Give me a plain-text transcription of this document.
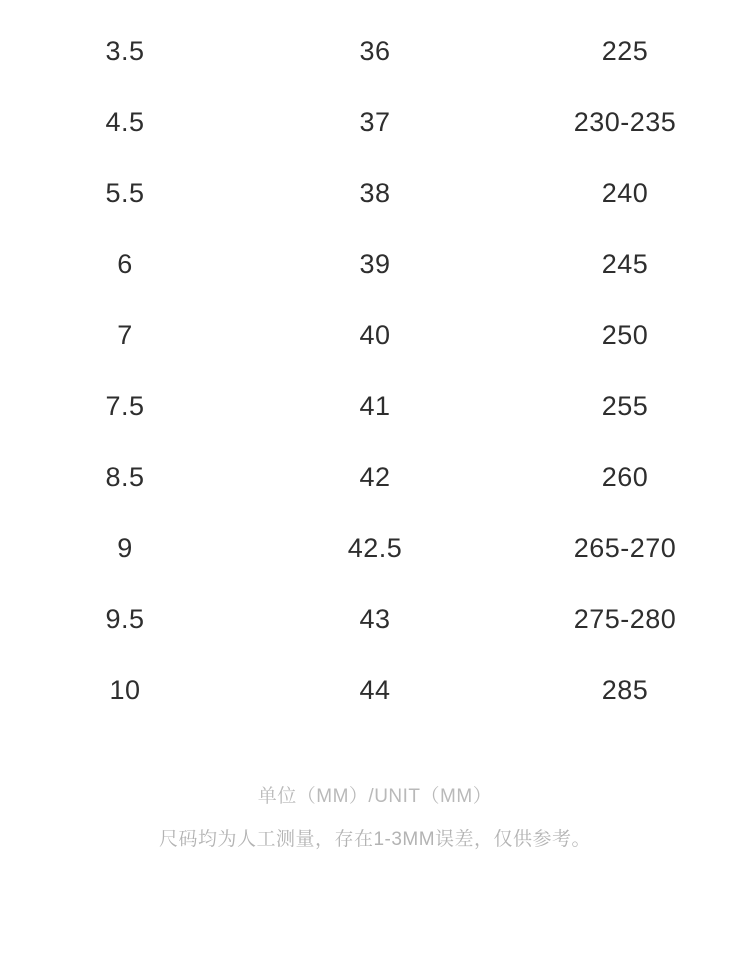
3.5	36	225
4.5	37	230-235
5.5	38	240
6	39	245
7	40	250
7.5	41	255
8.5	42	260
9	42.5	265-270
9.5	43	275-280
10	44	285
单位（MM）/UNIT（MM）
尺码均为人工测量，存在1-3MM误差，仅供参考。
